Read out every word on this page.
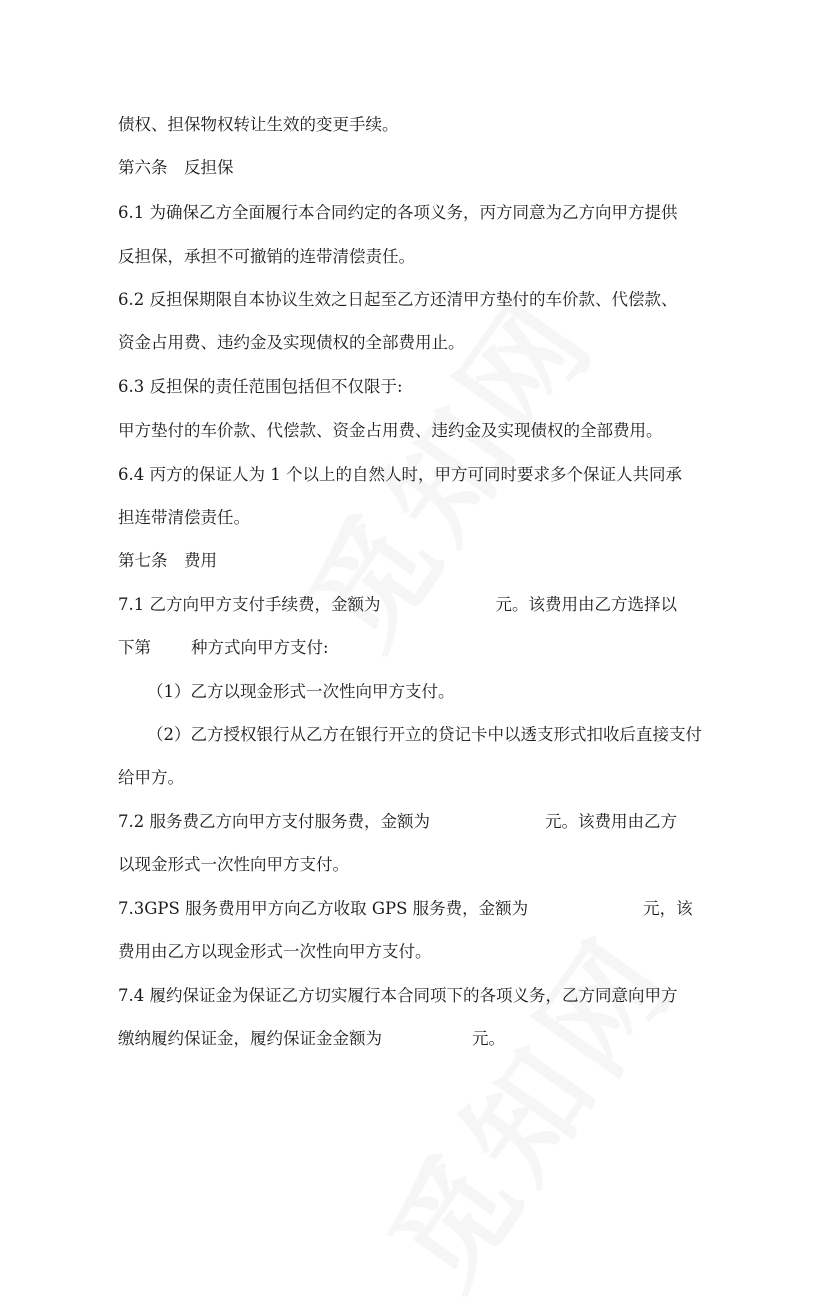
债权、担保物权转让生效的变更手续。

第六条　反担保

6.1 为确保乙方全面履行本合同约定的各项义务，丙方同意为乙方向甲方提供

反担保，承担不可撤销的连带清偿责任。

6.2 反担保期限自本协议生效之日起至乙方还清甲方垫付的车价款、代偿款、

资金占用费、违约金及实现债权的全部费用止。

6.3 反担保的责任范围包括但不仅限于:

甲方垫付的车价款、代偿款、资金占用费、违约金及实现债权的全部费用。

6.4 丙方的保证人为 1 个以上的自然人时，甲方可同时要求多个保证人共同承

担连带清偿责任。

第七条　费用

7.1 乙方向甲方支付手续费，金额为	元。该费用由乙方选择以

下第 种方式向甲方支付:

（1）乙方以现金形式一次性向甲方支付。

（2）乙方授权银行从乙方在银行开立的贷记卡中以透支形式扣收后直接支付

给甲方。

7.2 服务费乙方向甲方支付服务费，金额为	元。该费用由乙方

以现金形式一次性向甲方支付。

7.3GPS 服务费用甲方向乙方收取 GPS 服务费，金额为	元，该

费用由乙方以现金形式一次性向甲方支付。

7.4 履约保证金为保证乙方切实履行本合同项下的各项义务，乙方同意向甲方

缴纳履约保证金，履约保证金金额为	元。
